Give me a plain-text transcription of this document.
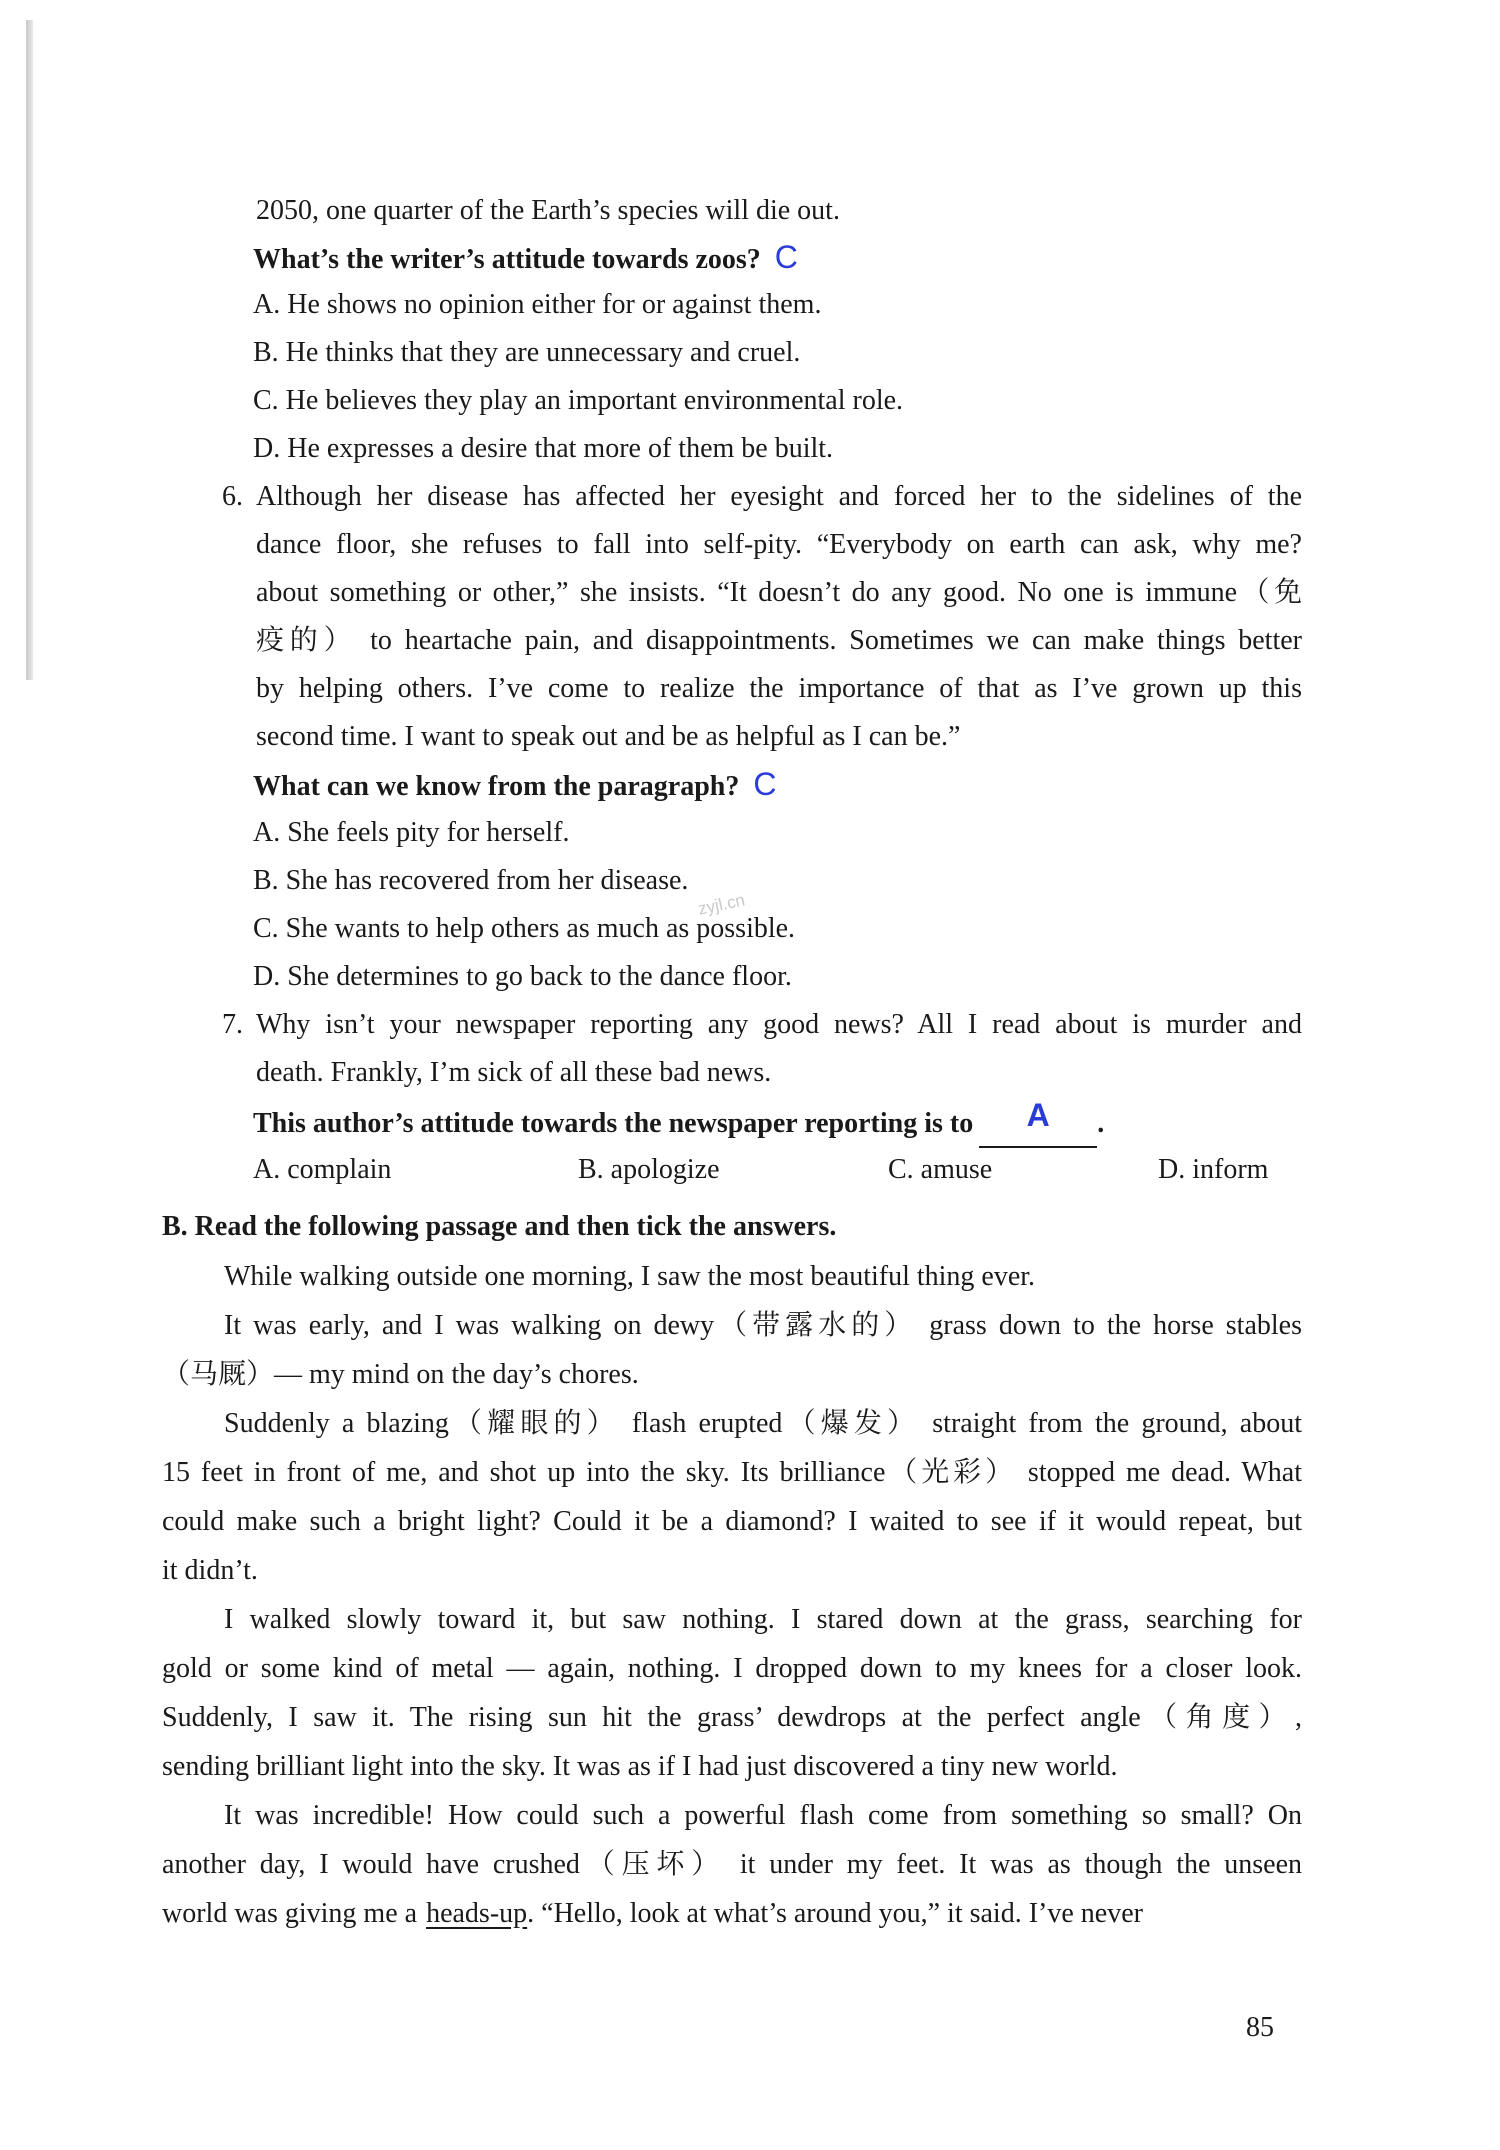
2050, one quarter of the Earth’s species will die out.
What’s the writer’s attitude towards zoos? C
A. He shows no opinion either for or against them.
B. He thinks that they are unnecessary and cruel.
C. He believes they play an important environmental role.
D. He expresses a desire that more of them be built.
6. Although her disease has affected her eyesight and forced her to the sidelines of the
dance floor, she refuses to fall into self-pity. “Everybody on earth can ask, why me?
about something or other,” she insists. “It doesn’t do any good. No one is immune（免
疫的） to heartache pain, and disappointments. Sometimes we can make things better
by helping others. I’ve come to realize the importance of that as I’ve grown up this
second time. I want to speak out and be as helpful as I can be.”
What can we know from the paragraph? C
A. She feels pity for herself.
B. She has recovered from her disease.
C. She wants to help others as much as possible.
D. She determines to go back to the dance floor.
zyjl.cn
7. Why isn’t your newspaper reporting any good news? All I read about is murder and
death. Frankly, I’m sick of all these bad news.
This author’s attitude towards the newspaper reporting is to A .
A. complain	B. apologize	C. amuse	D. inform
B. Read the following passage and then tick the answers.
While walking outside one morning, I saw the most beautiful thing ever.
It was early, and I was walking on dewy（带露水的） grass down to the horse stables
（马厩）— my mind on the day’s chores.
Suddenly a blazing（耀眼的） flash erupted（爆发） straight from the ground, about
15 feet in front of me, and shot up into the sky. Its brilliance（光彩） stopped me dead. What
could make such a bright light? Could it be a diamond? I waited to see if it would repeat, but
it didn’t.
I walked slowly toward it, but saw nothing. I stared down at the grass, searching for
gold or some kind of metal — again, nothing. I dropped down to my knees for a closer look.
Suddenly, I saw it. The rising sun hit the grass’ dewdrops at the perfect angle（角度）,
sending brilliant light into the sky. It was as if I had just discovered a tiny new world.
It was incredible! How could such a powerful flash come from something so small? On
another day, I would have crushed（压坏） it under my feet. It was as though the unseen
world was giving me a heads-up. “Hello, look at what’s around you,” it said. I’ve never
85
